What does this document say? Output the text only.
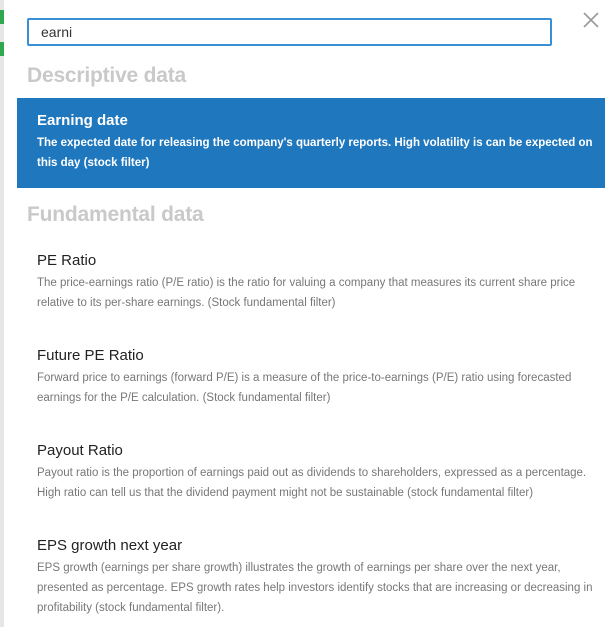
earni
Descriptive data
Earning date
The expected date for releasing the company's quarterly reports. High volatility is can be expected on this day (stock filter)
Fundamental data
PE Ratio
The price-earnings ratio (P/E ratio) is the ratio for valuing a company that measures its current share price relative to its per-share earnings. (Stock fundamental filter)
Future PE Ratio
Forward price to earnings (forward P/E) is a measure of the price-to-earnings (P/E) ratio using forecasted earnings for the P/E calculation. (Stock fundamental filter)
Payout Ratio
Payout ratio is the proportion of earnings paid out as dividends to shareholders, expressed as a percentage. High ratio can tell us that the dividend payment might not be sustainable (stock fundamental filter)
EPS growth next year
EPS growth (earnings per share growth) illustrates the growth of earnings per share over the next year, presented as percentage. EPS growth rates help investors identify stocks that are increasing or decreasing in profitability (stock fundamental filter).
